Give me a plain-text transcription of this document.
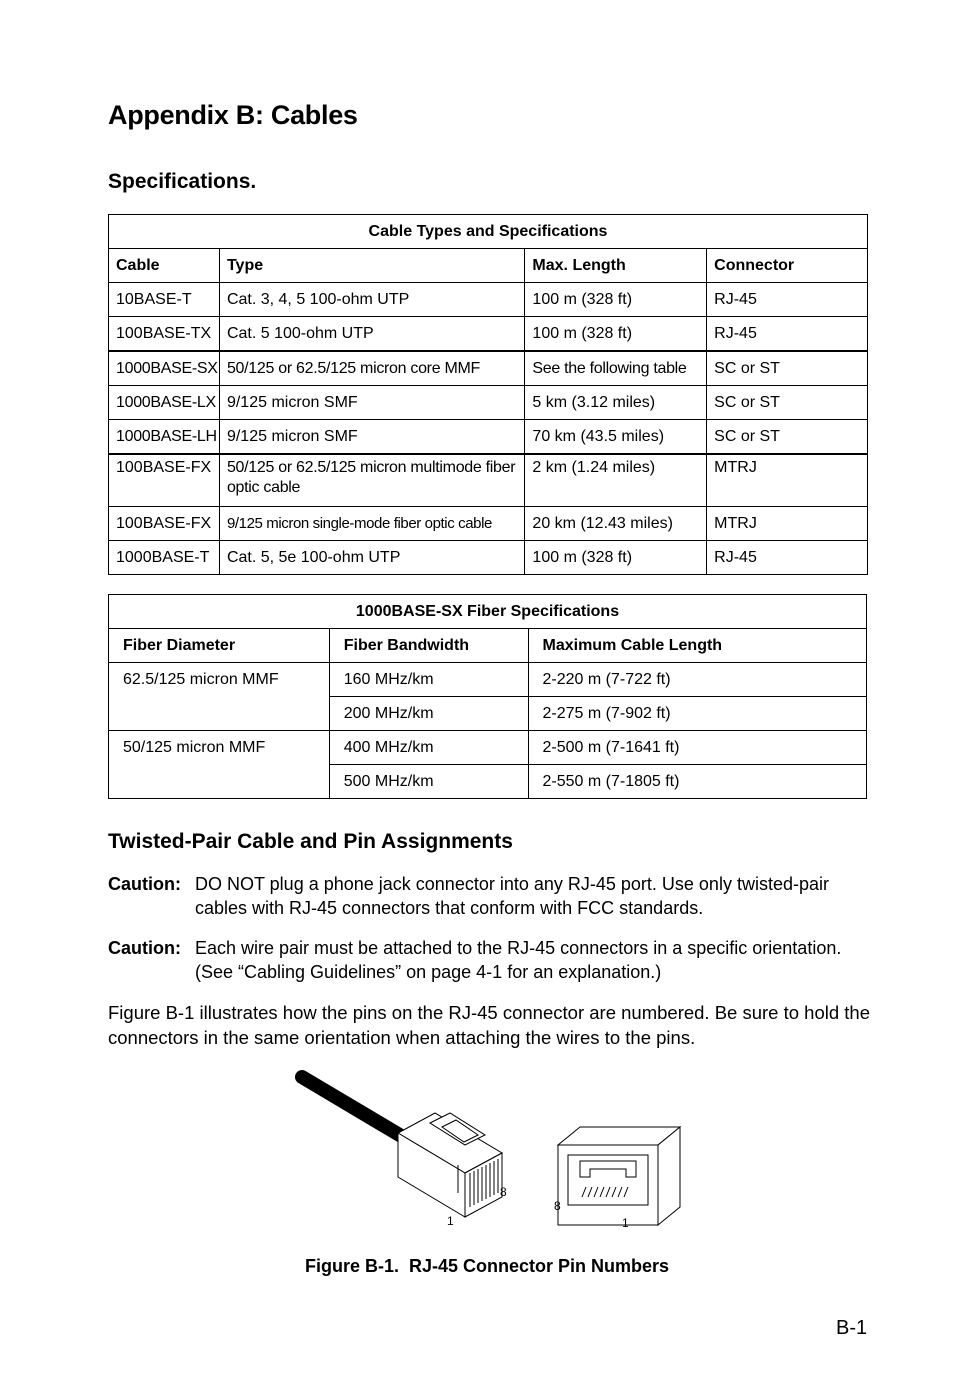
Appendix B: Cables
Specifications.
Cable Types and Specifications			
Cable	Type	Max. Length	Connector
10BASE-T	Cat. 3, 4, 5 100-ohm UTP	100 m (328 ft)	RJ-45
100BASE-TX	Cat. 5 100-ohm UTP	100 m (328 ft)	RJ-45
1000BASE-SX	50/125 or 62.5/125 micron core MMF	See the following table	SC or ST
1000BASE-LX	9/125 micron SMF	5 km (3.12 miles)	SC or ST
1000BASE-LH	9/125 micron SMF	70 km (43.5 miles)	SC or ST
100BASE-FX	50/125 or 62.5/125 micron multimode fiber optic cable	2 km (1.24 miles)	MTRJ
100BASE-FX	9/125 micron single-mode fiber optic cable	20 km (12.43 miles)	MTRJ
1000BASE-T	Cat. 5, 5e 100-ohm UTP	100 m (328 ft)	RJ-45
1000BASE-SX Fiber Specifications		
Fiber Diameter	Fiber Bandwidth	Maximum Cable Length
62.5/125 micron MMF	160 MHz/km	2-220 m (7-722 ft)
	200 MHz/km	2-275 m (7-902 ft)
50/125 micron MMF	400 MHz/km	2-500 m (7-1641 ft)
	500 MHz/km	2-550 m (7-1805 ft)
Twisted-Pair Cable and Pin Assignments
Caution: DO NOT plug a phone jack connector into any RJ-45 port. Use only twisted-pair cables with RJ-45 connectors that conform with FCC standards.
Caution: Each wire pair must be attached to the RJ-45 connectors in a specific orientation. (See “Cabling Guidelines” on page 4-1 for an explanation.)
Figure B-1 illustrates how the pins on the RJ-45 connector are numbered. Be sure to hold the connectors in the same orientation when attaching the wires to the pins.
8
1
8
1
Figure B-1.  RJ-45 Connector Pin Numbers
B-1
